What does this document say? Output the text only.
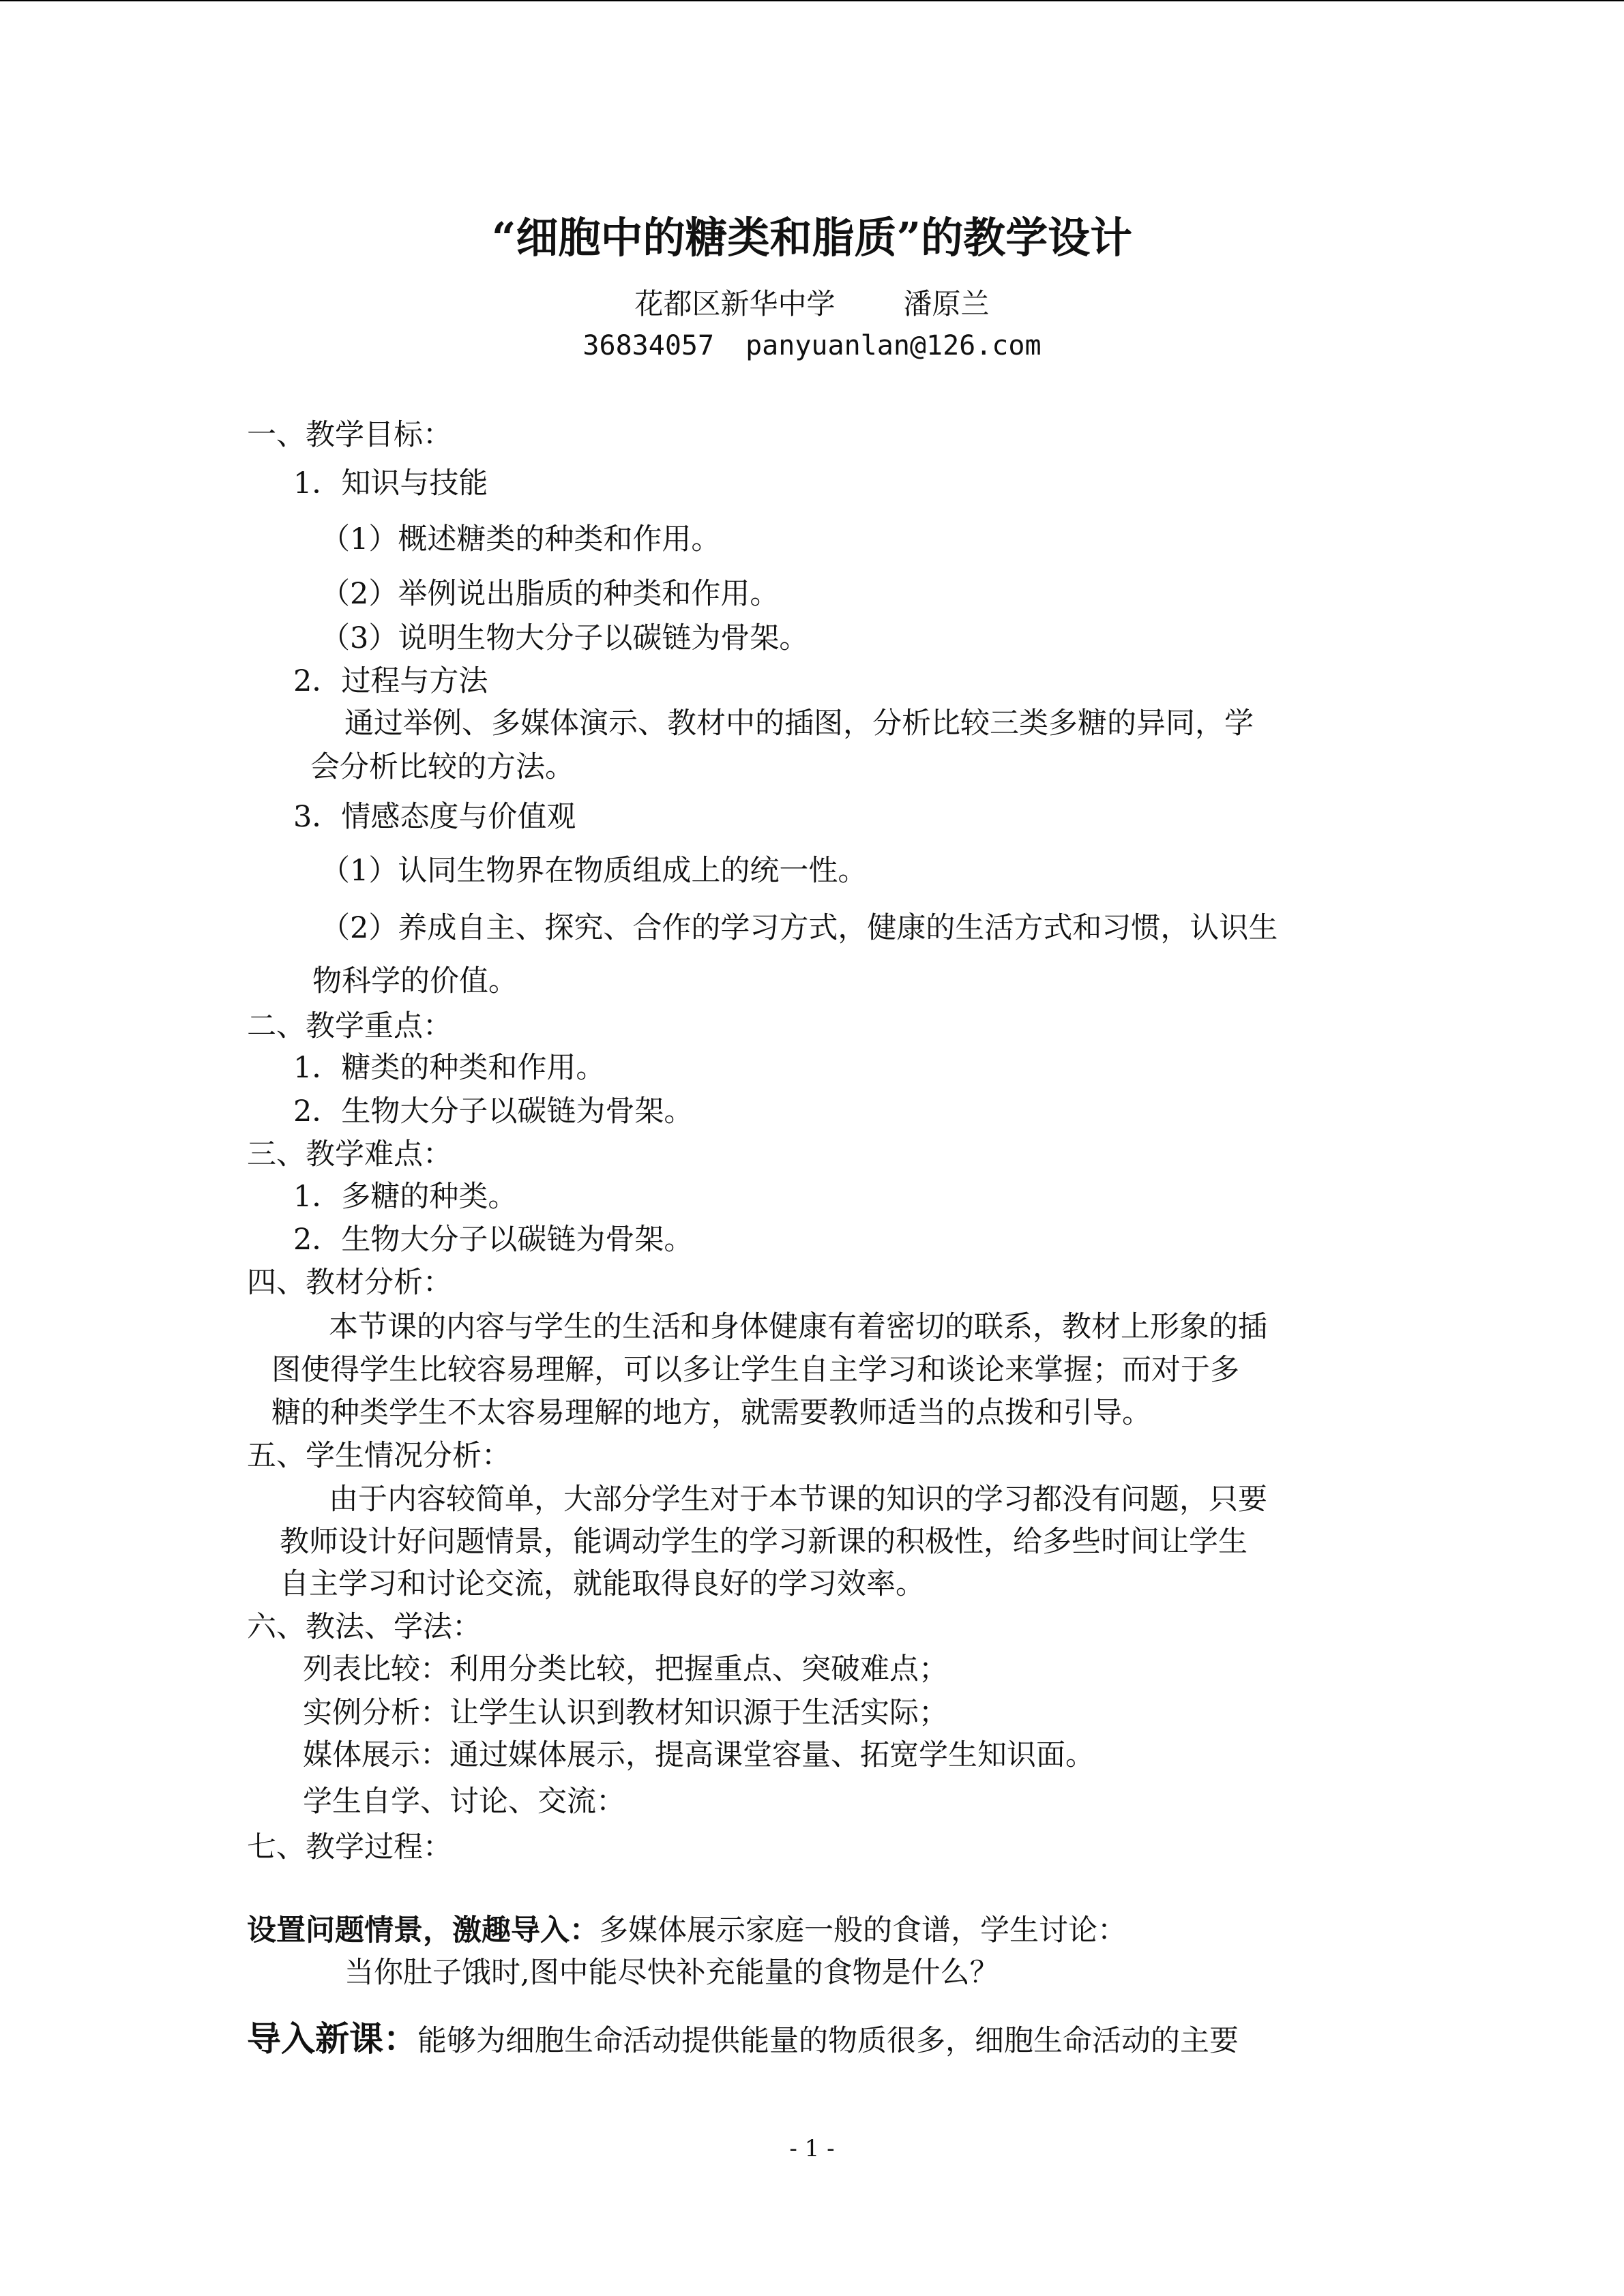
“细胞中的糖类和脂质”的教学设计
花都区新华中学 潘原兰
36834057 panyuanlan@126.com
一、教学目标：
1．知识与技能
（1）概述糖类的种类和作用。
（2）举例说出脂质的种类和作用。
（3）说明生物大分子以碳链为骨架。
2．过程与方法
通过举例、多媒体演示、教材中的插图，分析比较三类多糖的异同，学
会分析比较的方法。
3．情感态度与价值观
（1）认同生物界在物质组成上的统一性。
（2）养成自主、探究、合作的学习方式，健康的生活方式和习惯，认识生
物科学的价值。
二、教学重点：
1．糖类的种类和作用。
2．生物大分子以碳链为骨架。
三、教学难点：
1．多糖的种类。
2．生物大分子以碳链为骨架。
四、教材分析：
本节课的内容与学生的生活和身体健康有着密切的联系，教材上形象的插
图使得学生比较容易理解，可以多让学生自主学习和谈论来掌握；而对于多
糖的种类学生不太容易理解的地方，就需要教师适当的点拨和引导。
五、学生情况分析：
由于内容较简单，大部分学生对于本节课的知识的学习都没有问题，只要
教师设计好问题情景，能调动学生的学习新课的积极性，给多些时间让学生
自主学习和讨论交流，就能取得良好的学习效率。
六、教法、学法：
列表比较：利用分类比较，把握重点、突破难点；
实例分析：让学生认识到教材知识源于生活实际；
媒体展示：通过媒体展示，提高课堂容量、拓宽学生知识面。
学生自学、讨论、交流：
七、教学过程：
设置问题情景，激趣导入：多媒体展示家庭一般的食谱，学生讨论：
当你肚子饿时,图中能尽快补充能量的食物是什么？
导入新课：能够为细胞生命活动提供能量的物质很多，细胞生命活动的主要
- 1 -
